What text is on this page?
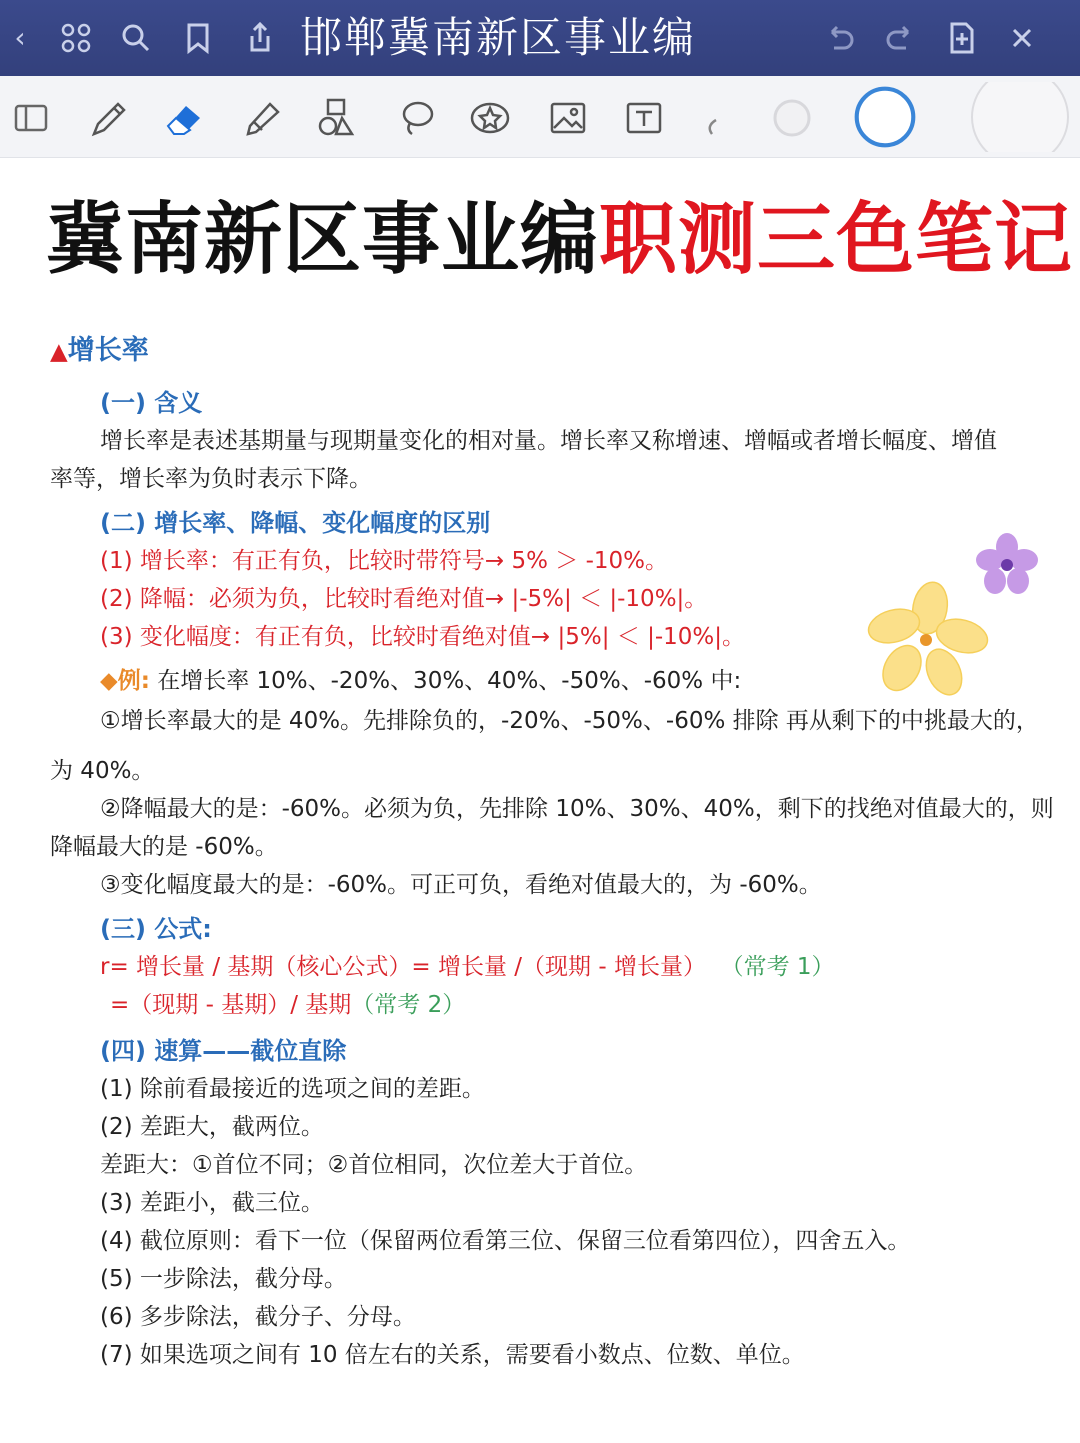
‹	邯郸冀南新区事业编
冀南新区事业编职测三色笔记
▲增长率
(一) 含义
增长率是表述基期量与现期量变化的相对量。增长率又称增速、增幅或者增长幅度、增值
率等，增长率为负时表示下降。
(二) 增长率、降幅、变化幅度的区别
(1) 增长率：有正有负，比较时带符号→ 5% ＞ -10%。
(2) 降幅：必须为负，比较时看绝对值→ |-5%| ＜ |-10%|。
(3) 变化幅度：有正有负，比较时看绝对值→ |5%| ＜ |-10%|。
◆例: 在增长率 10%、-20%、30%、40%、-50%、-60% 中:
①增长率最大的是 40%。先排除负的，-20%、-50%、-60% 排除 再从剩下的中挑最大的，
为 40%。
②降幅最大的是：-60%。必须为负，先排除 10%、30%、40%，剩下的找绝对值最大的，则
降幅最大的是 -60%。
③变化幅度最大的是：-60%。可正可负，看绝对值最大的，为 -60%。
(三) 公式:
r= 增长量 / 基期（核心公式）= 增长量 /（现期 - 增长量） （常考 1）
=（现期 - 基期）/ 基期（常考 2）
(四) 速算——截位直除
(1) 除前看最接近的选项之间的差距。
(2) 差距大，截两位。
差距大：①首位不同；②首位相同，次位差大于首位。
(3) 差距小，截三位。
(4) 截位原则：看下一位（保留两位看第三位、保留三位看第四位），四舍五入。
(5) 一步除法，截分母。
(6) 多步除法，截分子、分母。
(7) 如果选项之间有 10 倍左右的关系，需要看小数点、位数、单位。
